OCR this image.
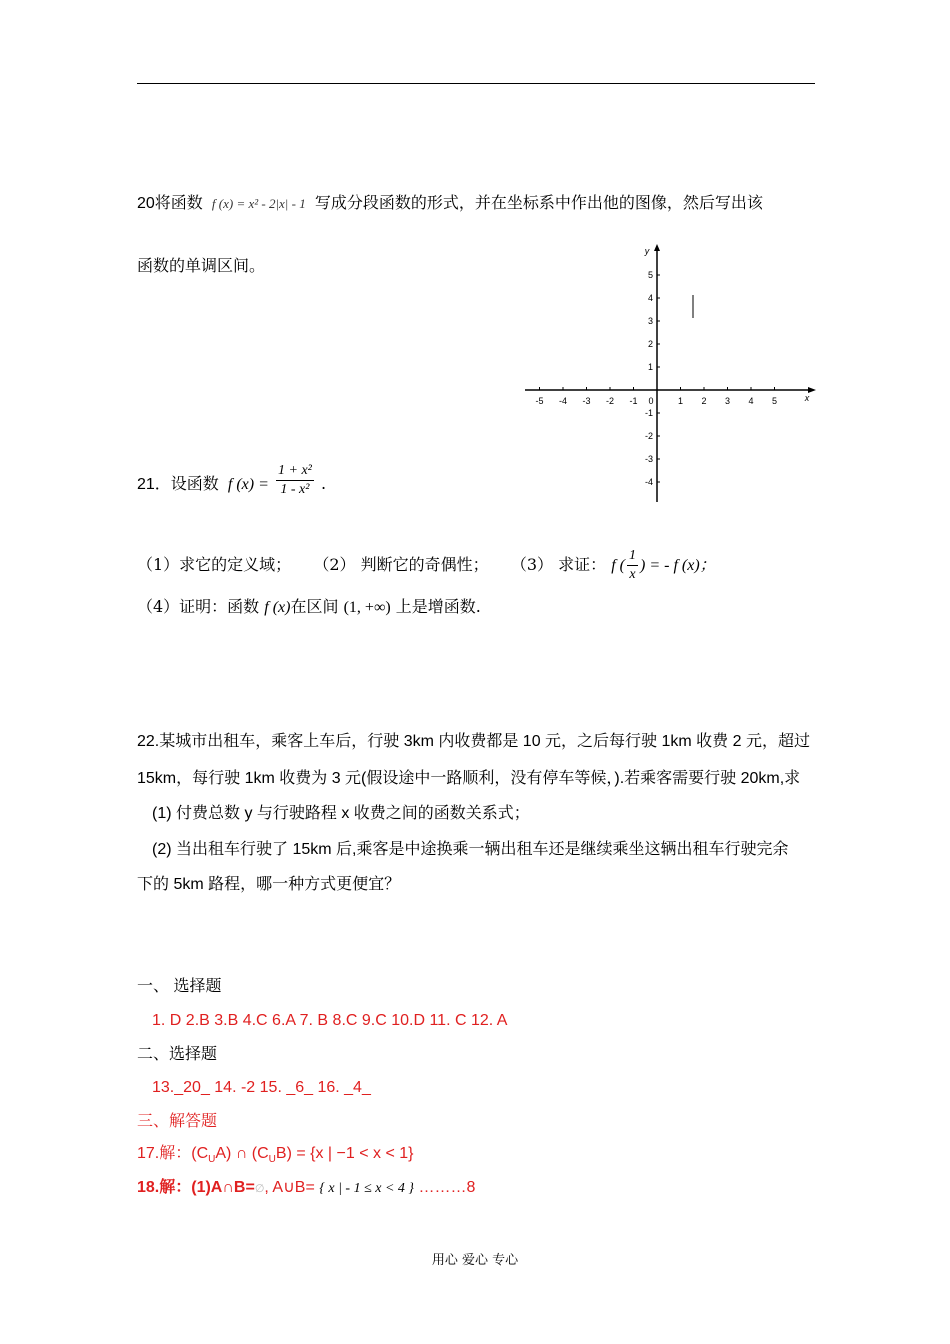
20将函数 f (x) = x² - 2|x| - 1 写成分段函数的形式，并在坐标系中作出他的图像，然后写出该
函数的单调区间。
-5 -4 -3 -2 -1	1 2 3 4 5
0	x
5
4
3
2
1
-1
-2
-3
-4
y
21．设函数 f $(x) = \frac{\text{1 + x²}}{\text{1 - x²}}$ .
（1）求它的定义域； （2） 判断它的奇偶性； （3） 求证： f ( $\frac{1}{x}$ ) = - f (x)；
（4）证明：函数 f (x)在区间 (1, +∞) 上是增函数.
22.某城市出租车，乘客上车后，行驶 3km 内收费都是 10 元，之后每行驶 1km 收费 2 元，超过
15km，每行驶 1km 收费为 3 元(假设途中一路顺利，没有停车等候，).若乘客需要行驶 20km,求
(1) 付费总数 y 与行驶路程 x 收费之间的函数关系式；
(2) 当出租车行驶了 15km 后,乘客是中途换乘一辆出租车还是继续乘坐这辆出租车行驶完余
下的 5km 路程，哪一种方式更便宜？
一、 选择题
1. D 2.B 3.B 4.C 6.A 7. B 8.C 9.C 10.D 11. C 12. A
二、选择题
13._20_ 14. -2 15. _6_ 16. _4_
三、解答题
17.解：$(C_UA)$ ∩ $(C_UB) = \{x$ | −1 < x < 1}
18.解：(1)A∩B=∅, A∪B= { x | - 1 ≤ x < 4 } ………8
用心 爱心 专心
